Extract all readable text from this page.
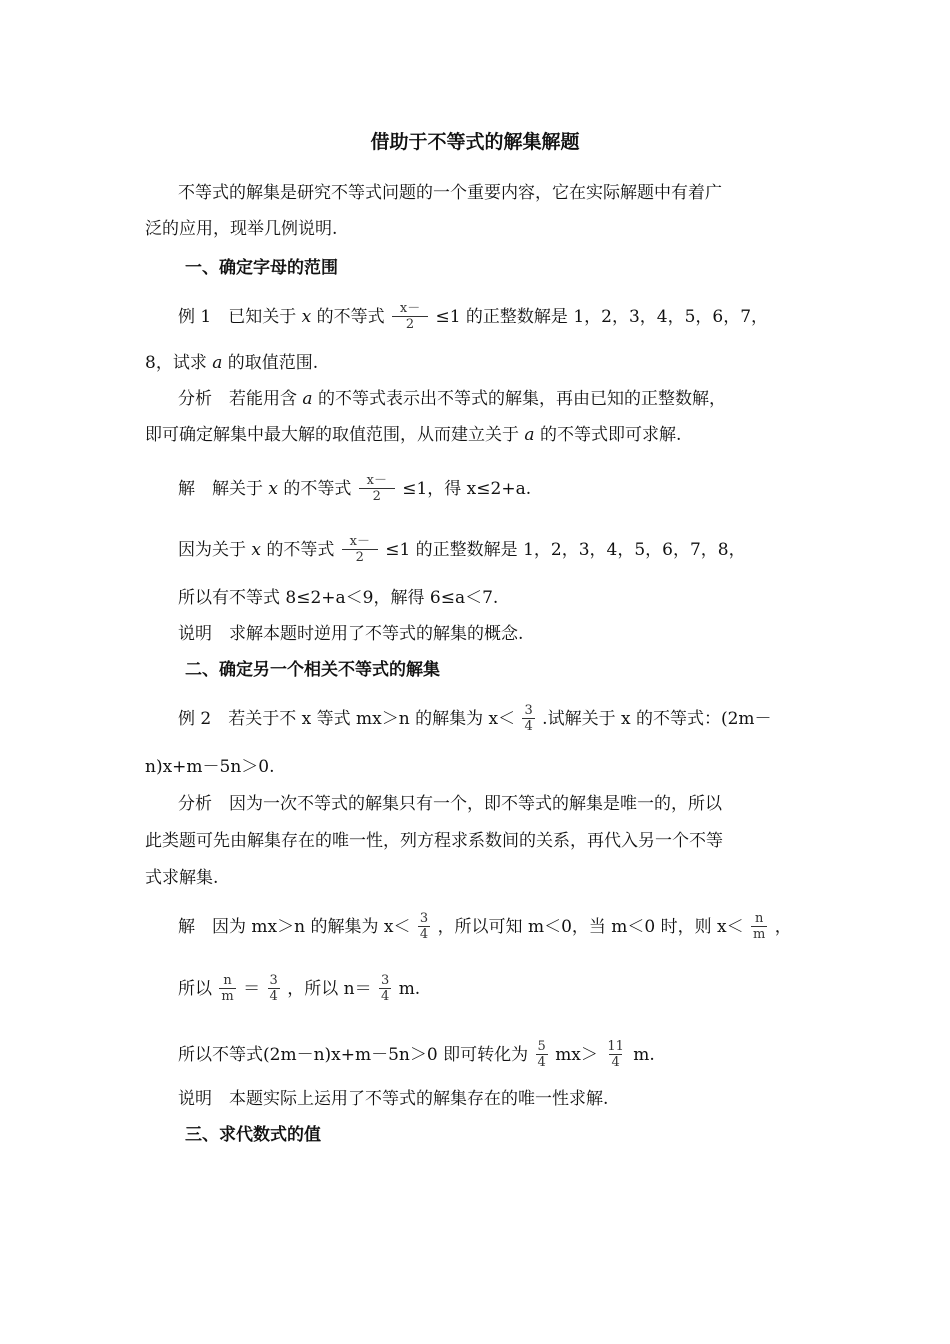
借助于不等式的解集解题
不等式的解集是研究不等式问题的一个重要内容，它在实际解题中有着广
泛的应用，现举几例说明.
一、确定字母的范围
例 1　已知关于 x 的不等式 $\frac{x-}{2} \le 1$ 的正整数解是 1，2，3，4，5，6，7，
8，试求 a 的取值范围.
分析　若能用含 a 的不等式表示出不等式的解集，再由已知的正整数解，
即可确定解集中最大解的取值范围，从而建立关于 a 的不等式即可求解.
解　解关于 x 的不等式 $\frac{x-}{2} \le 1$，得 x≤2+a.
因为关于 x 的不等式 $\frac{x-}{2} \le 1$ 的正整数解是 1，2，3，4，5，6，7，8，
所以有不等式 8≤2+a＜9，解得 6≤a＜7.
说明　求解本题时逆用了不等式的解集的概念.
二、确定另一个相关不等式的解集
例 2　若关于不 x 等式 mx＞n 的解集为 $x< \frac{3}{4}$ .试解关于 x 的不等式：(2m－
n)x+m－5n＞0.
分析　因为一次不等式的解集只有一个，即不等式的解集是唯一的，所以
此类题可先由解集存在的唯一性，列方程求系数间的关系，再代入另一个不等
式求解集.
解　因为 mx＞n 的解集为 $x< \frac{3}{4}$ ，所以可知 m＜0，当 m＜0 时，则 $x< \frac{n}{m}$ ，
所以 $\frac{n}{m} = \frac{3}{4}$ ，所以 $n= \frac{3}{4} m$.
所以不等式(2m－n)x+m－5n＞0 即可转化为 $\frac{5}{4} mx> \frac{11}{4} m$.
说明　本题实际上运用了不等式的解集存在的唯一性求解.
三、求代数式的值
